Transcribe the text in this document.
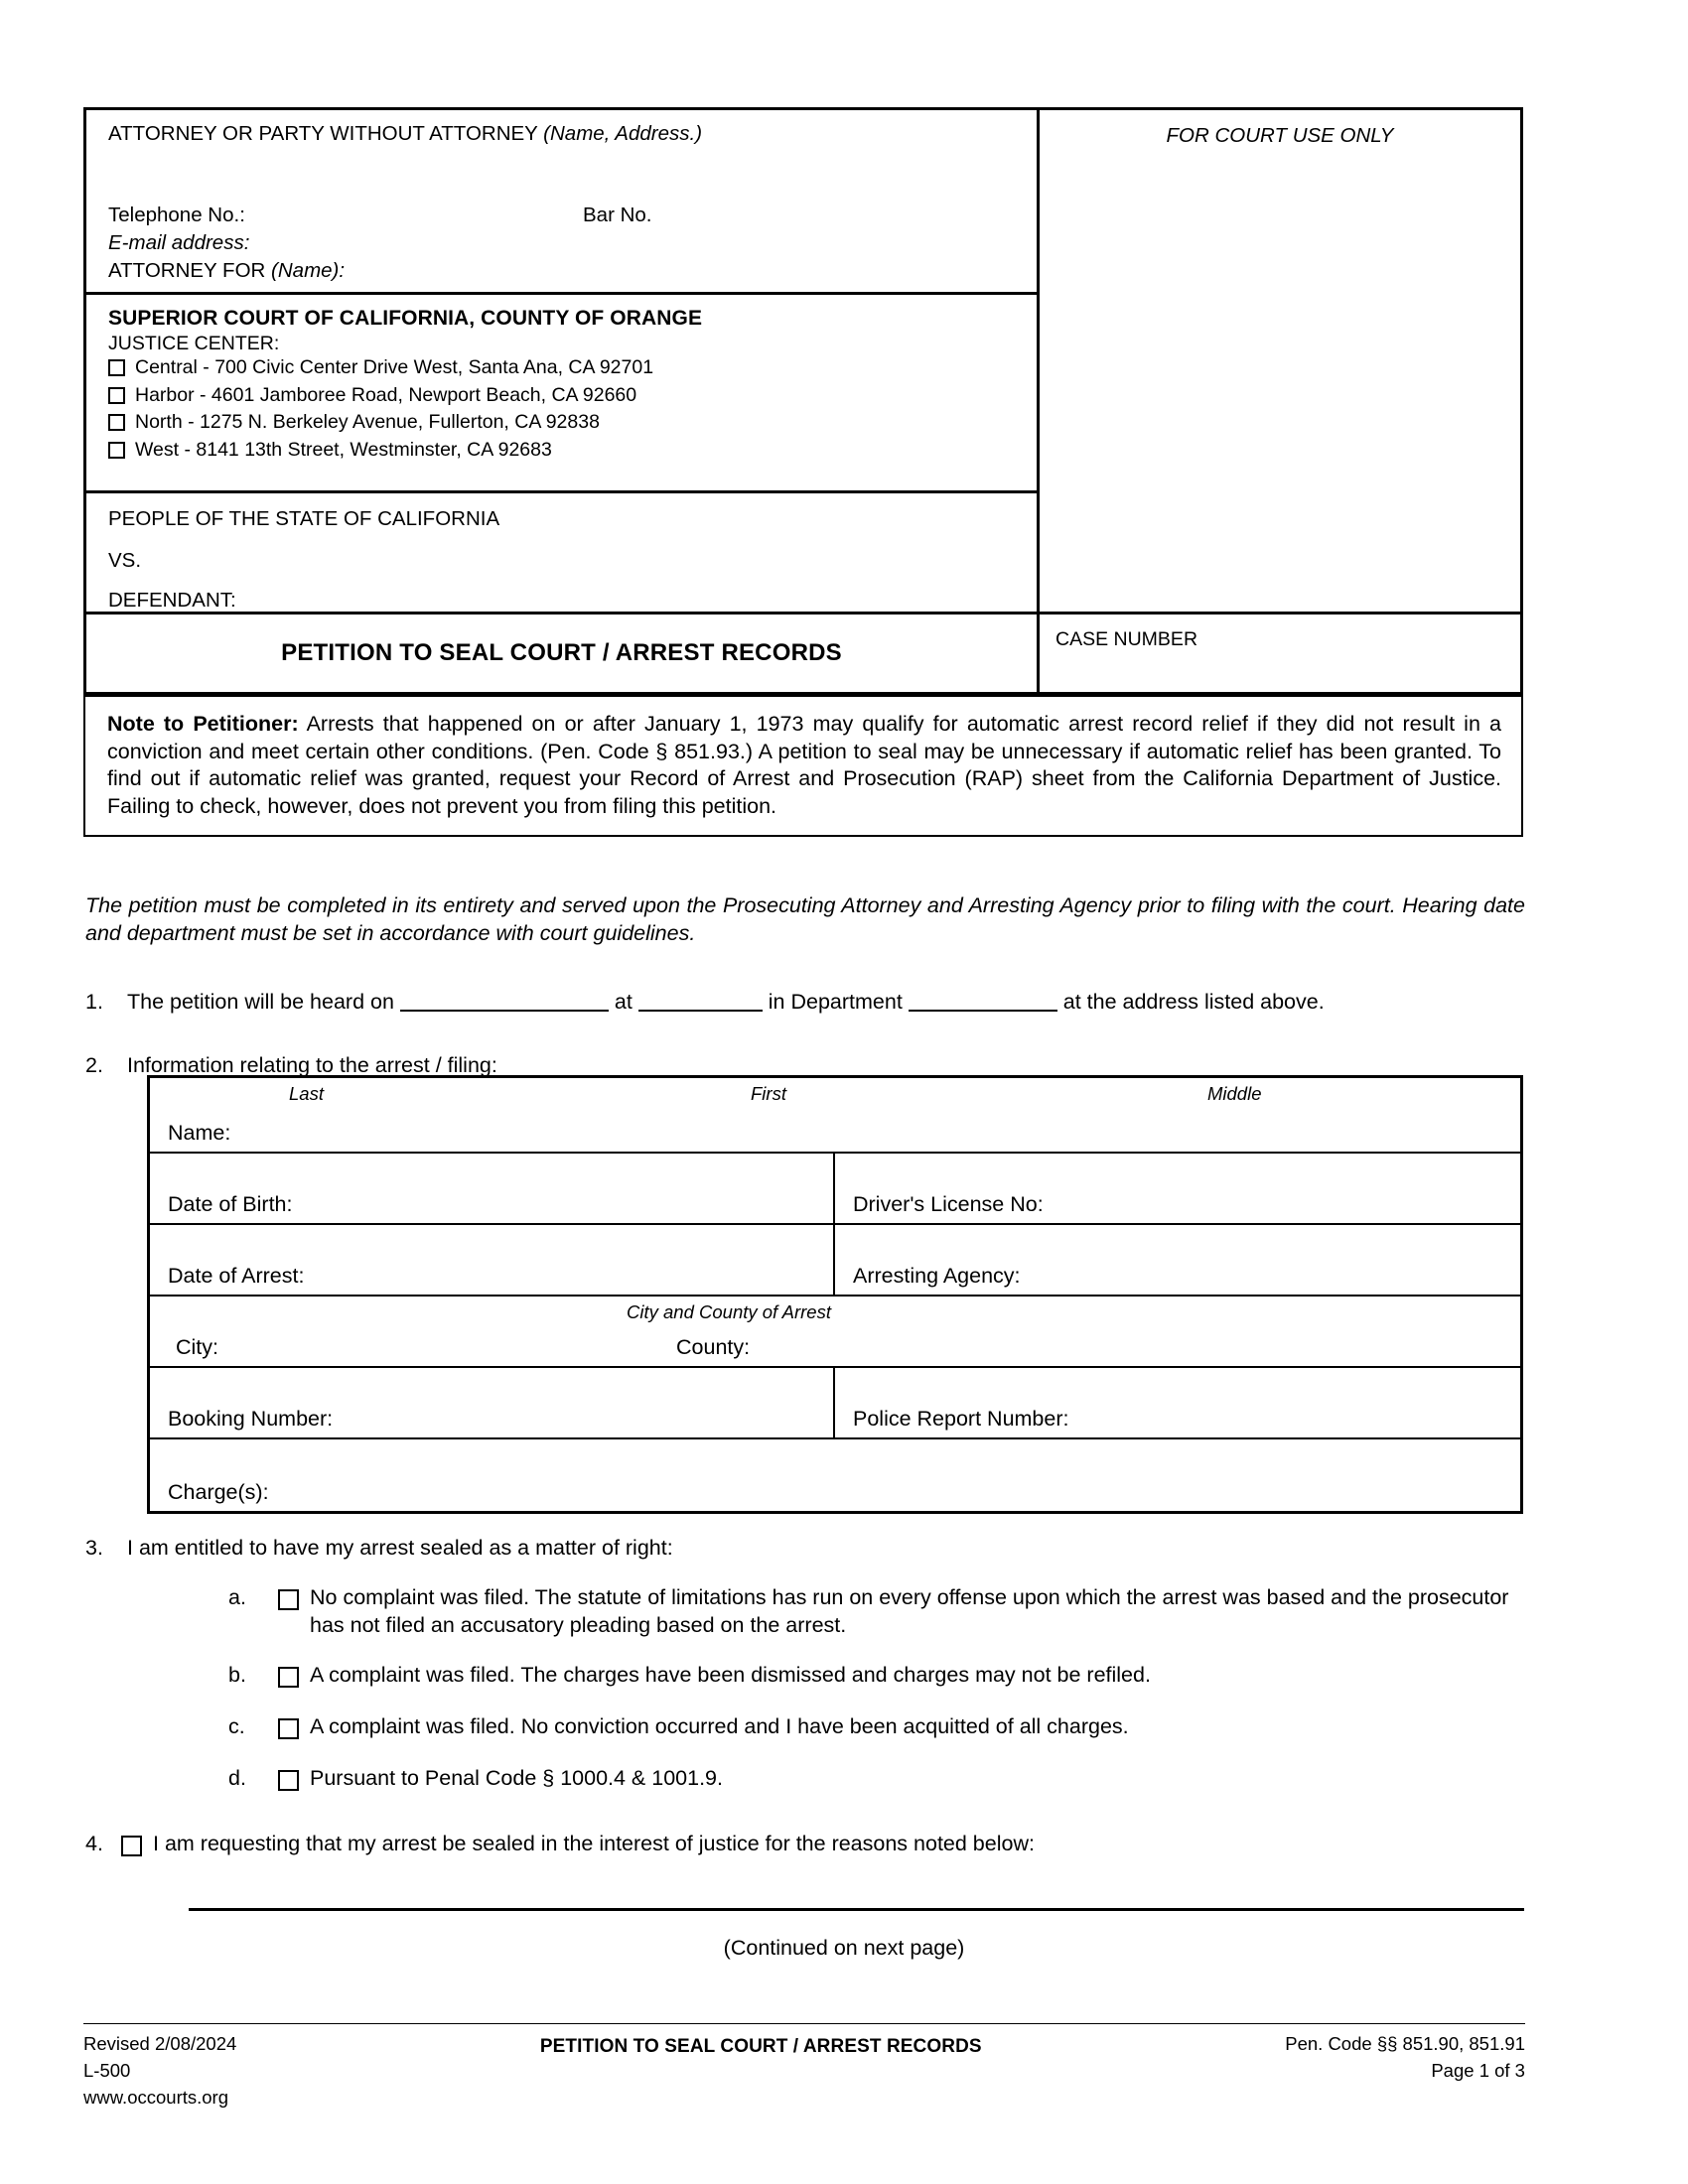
ATTORNEY OR PARTY WITHOUT ATTORNEY (Name, Address.)
Telephone No.:	Bar No.
E-mail address:
ATTORNEY FOR (Name):
SUPERIOR COURT OF CALIFORNIA, COUNTY OF ORANGE
JUSTICE CENTER:
Central - 700 Civic Center Drive West, Santa Ana, CA 92701
Harbor - 4601 Jamboree Road, Newport Beach, CA 92660
North - 1275 N. Berkeley Avenue, Fullerton, CA 92838
West - 8141 13th Street, Westminster, CA 92683
PEOPLE OF THE STATE OF CALIFORNIA
VS.
DEFENDANT:
PETITION TO SEAL COURT / ARREST RECORDS
FOR COURT USE ONLY
CASE NUMBER

Note to Petitioner: Arrests that happened on or after January 1, 1973 may qualify for automatic arrest record relief if they did not result in a conviction and meet certain other conditions. (Pen. Code § 851.93.) A petition to seal may be unnecessary if automatic relief has been granted. To find out if automatic relief was granted, request your Record of Arrest and Prosecution (RAP) sheet from the California Department of Justice. Failing to check, however, does not prevent you from filing this petition.

The petition must be completed in its entirety and served upon the Prosecuting Attorney and Arresting Agency prior to filing with the court. Hearing date and department must be set in accordance with court guidelines.
1.	The petition will be heard on	at	in Department	at the address listed above.
2.	Information relating to the arrest / filing:
Last	First	Middle
Name:
Date of Birth:	Driver's License No:
Date of Arrest:	Arresting Agency:
City and County of Arrest
City:	County:
Booking Number:	Police Report Number:
Charge(s):
3.	I am entitled to have my arrest sealed as a matter of right:
a.	No complaint was filed. The statute of limitations has run on every offense upon which the arrest was based and the prosecutor has not filed an accusatory pleading based on the arrest.
b.	A complaint was filed. The charges have been dismissed and charges may not be refiled.
c.	A complaint was filed. No conviction occurred and I have been acquitted of all charges.
d.	Pursuant to Penal Code § 1000.4 & 1001.9.
4.	I am requesting that my arrest be sealed in the interest of justice for the reasons noted below:
(Continued on next page)
Revised 2/08/2024
L-500
www.occourts.org
PETITION TO SEAL COURT / ARREST RECORDS	Pen. Code §§ 851.90, 851.91
Page 1 of 3
